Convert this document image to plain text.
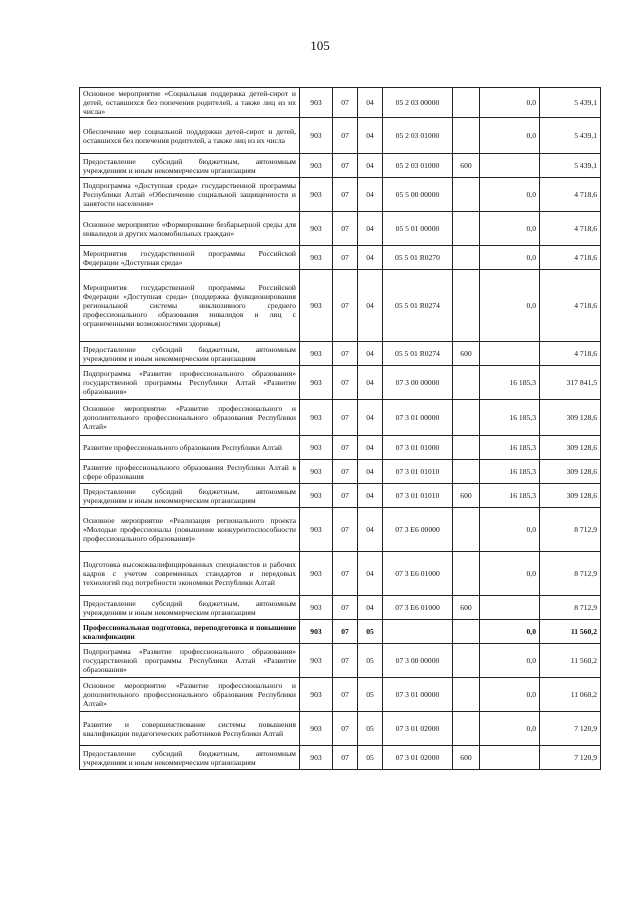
105
Основное мероприятие «Социальная поддержка детей-сирот и детей, оставшихся без попечения родителей, а также лиц из их числа»	903	07	04	05 2 03 00000		0,0	5 439,1
Обеспечение мер социальной поддержки детей-сирот и детей, оставшихся без попечения родителей, а также лиц из их числа	903	07	04	05 2 03 01000		0,0	5 439,1
Предоставление субсидий бюджетным, автономным учреждениям и иным некоммерческим организациям	903	07	04	05 2 03 01000	600		5 439,1
Подпрограмма «Доступная среда» государственной программы Республики Алтай «Обеспечение социальной защищенности и занятости населения»	903	07	04	05 5 00 00000		0,0	4 718,6
Основное мероприятие «Формирование безбарьерной среды для инвалидов и других маломобильных граждан»	903	07	04	05 5 01 00000		0,0	4 718,6
Мероприятия государственной программы Российской Федерации «Доступная среда»	903	07	04	05 5 01 R0270		0,0	4 718,6
Мероприятия государственной программы Российской Федерации «Доступная среда» (поддержка функционирования региональной системы инклюзивного среднего профессионального образования инвалидов и лиц с ограниченными возможностями здоровья)	903	07	04	05 5 01 R0274		0,0	4 718,6
Предоставление субсидий бюджетным, автономным учреждениям и иным некоммерческим организациям	903	07	04	05 5 01 R0274	600		4 718,6
Подпрограмма «Развитие профессионального образования» государственной программы Республики Алтай «Развитие образования»	903	07	04	07 3 00 00000		16 185,3	317 841,5
Основное мероприятие «Развитие профессионального и дополнительного профессионального образования Республики Алтай»	903	07	04	07 3 01 00000		16 185,3	309 128,6
Развитие профессионального образования Республики Алтай	903	07	04	07 3 01 01000		16 185,3	309 128,6
Развитие профессионального образования Республики Алтай в сфере образования	903	07	04	07 3 01 01010		16 185,3	309 128,6
Предоставление субсидий бюджетным, автономным учреждениям и иным некоммерческим организациям	903	07	04	07 3 01 01010	600	16 185,3	309 128,6
Основное мероприятие «Реализация регионального проекта «Молодые профессионалы (повышение конкурентоспособности профессионального образования)»	903	07	04	07 3 E6 00000		0,0	8 712,9
Подготовка высококвалифицированных специалистов и рабочих кадров с учетом современных стандартов и передовых технологий под потребности экономики Республики Алтай	903	07	04	07 3 E6 01000		0,0	8 712,9
Предоставление субсидий бюджетным, автономным учреждениям и иным некоммерческим организациям	903	07	04	07 3 E6 01000	600		8 712,9
Профессиональная подготовка, переподготовка и повышение квалификации	903	07	05			0,0	11 560,2
Подпрограмма «Развитие профессионального образования» государственной программы Республики Алтай «Развитие образования»	903	07	05	07 3 00 00000		0,0	11 560,2
Основное мероприятие «Развитие профессионального и дополнительного профессионального образования Республики Алтай»	903	07	05	07 3 01 00000		0,0	11 060,2
Развитие и совершенствование системы повышения квалификации педагогических работников Республики Алтай	903	07	05	07 3 01 02000		0,0	7 120,9
Предоставление субсидий бюджетным, автономным учреждениям и иным некоммерческим организациям	903	07	05	07 3 01 02000	600		7 120,9
